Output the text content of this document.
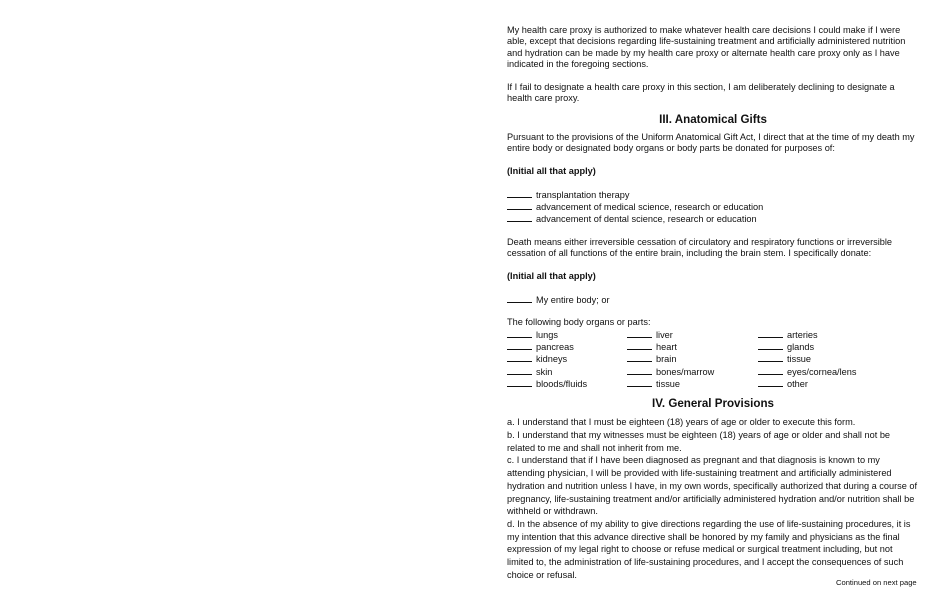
My health care proxy is authorized to make whatever health care decisions I could make if I were able, except that decisions regarding life-sustaining treatment and artificially administered nutrition and hydration can be made by my health care proxy or alternate health care proxy only as I have indicated in the foregoing sections.

If I fail to designate a health care proxy in this section, I am deliberately declining to designate a health care proxy.

III. Anatomical Gifts

Pursuant to the provisions of the Uniform Anatomical Gift Act, I direct that at the time of my death my entire body or designated body organs or body parts be donated for purposes of:

(Initial all that apply)

transplantation therapy

advancement of medical science, research or education

advancement of dental science, research or education

Death means either irreversible cessation of circulatory and respiratory functions or irreversible cessation of all functions of the entire brain, including the brain stem. I specifically donate:

(Initial all that apply)

My entire body; or

The following body organs or parts:

lungs	liver	arteries

pancreas	heart	glands

kidneys	brain	tissue

skin	bones/marrow	eyes/cornea/lens

bloods/fluids	tissue	other

IV. General Provisions

a. I understand that I must be eighteen (18) years of age or older to execute this form.

b. I understand that my witnesses must be eighteen (18) years of age or older and shall not be related to me and shall not inherit from me.

c. I understand that if I have been diagnosed as pregnant and that diagnosis is known to my attending physician, I will be provided with life-sustaining treatment and artificially administered hydration and nutrition unless I have, in my own words, specifically authorized that during a course of pregnancy, life-sustaining treatment and/or artificially administered hydration and/or nutrition shall be withheld or withdrawn.

d. In the absence of my ability to give directions regarding the use of life-sustaining procedures, it is my intention that this advance directive shall be honored by my family and physicians as the final expression of my legal right to choose or refuse medical or surgical treatment including, but not limited to, the administration of life-sustaining procedures, and I accept the consequences of such choice or refusal.

Continued on next page
